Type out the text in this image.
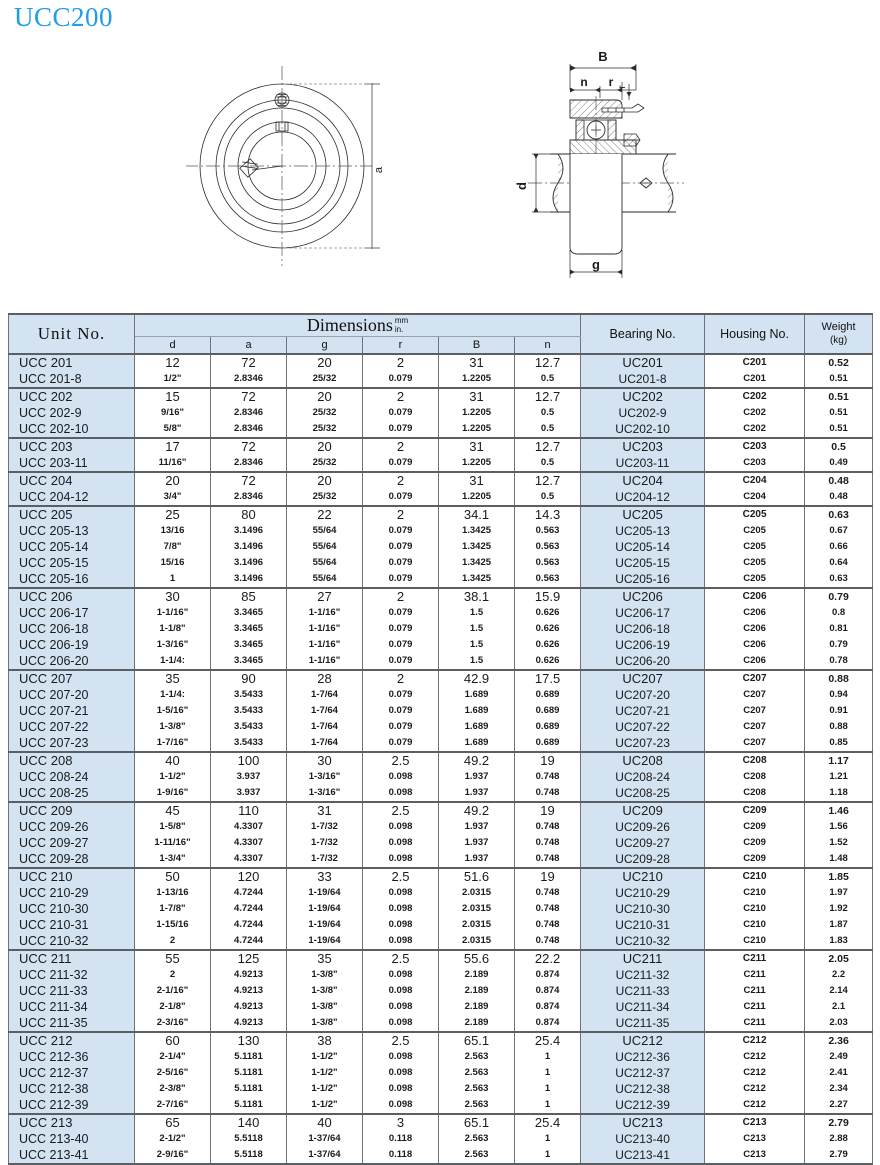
UCC200
a
B
n r r
d
g
Unit No.	Dimensions mm
in.						Bearing No.	Housing No.	Weight
(kg)

	d	a	g	r	B	n			
UCC 201	12	72	20	2	31	12.7	UC201	C201	0.52
UCC 201-8	1/2"	2.8346	25/32	0.079	1.2205	0.5	UC201-8	C201	0.51
UCC 202	15	72	20	2	31	12.7	UC202	C202	0.51
UCC 202-9	9/16"	2.8346	25/32	0.079	1.2205	0.5	UC202-9	C202	0.51
UCC 202-10	5/8"	2.8346	25/32	0.079	1.2205	0.5	UC202-10	C202	0.51
UCC 203	17	72	20	2	31	12.7	UC203	C203	0.5
UCC 203-11	11/16"	2.8346	25/32	0.079	1.2205	0.5	UC203-11	C203	0.49
UCC 204	20	72	20	2	31	12.7	UC204	C204	0.48
UCC 204-12	3/4"	2.8346	25/32	0.079	1.2205	0.5	UC204-12	C204	0.48
UCC 205	25	80	22	2	34.1	14.3	UC205	C205	0.63
UCC 205-13	13/16	3.1496	55/64	0.079	1.3425	0.563	UC205-13	C205	0.67
UCC 205-14	7/8"	3.1496	55/64	0.079	1.3425	0.563	UC205-14	C205	0.66
UCC 205-15	15/16	3.1496	55/64	0.079	1.3425	0.563	UC205-15	C205	0.64
UCC 205-16	1	3.1496	55/64	0.079	1.3425	0.563	UC205-16	C205	0.63
UCC 206	30	85	27	2	38.1	15.9	UC206	C206	0.79
UCC 206-17	1-1/16"	3.3465	1-1/16"	0.079	1.5	0.626	UC206-17	C206	0.8
UCC 206-18	1-1/8"	3.3465	1-1/16"	0.079	1.5	0.626	UC206-18	C206	0.81
UCC 206-19	1-3/16"	3.3465	1-1/16"	0.079	1.5	0.626	UC206-19	C206	0.79
UCC 206-20	1-1/4:	3.3465	1-1/16"	0.079	1.5	0.626	UC206-20	C206	0.78
UCC 207	35	90	28	2	42.9	17.5	UC207	C207	0.88
UCC 207-20	1-1/4:	3.5433	1-7/64	0.079	1.689	0.689	UC207-20	C207	0.94
UCC 207-21	1-5/16"	3.5433	1-7/64	0.079	1.689	0.689	UC207-21	C207	0.91
UCC 207-22	1-3/8"	3.5433	1-7/64	0.079	1.689	0.689	UC207-22	C207	0.88
UCC 207-23	1-7/16"	3.5433	1-7/64	0.079	1.689	0.689	UC207-23	C207	0.85
UCC 208	40	100	30	2.5	49.2	19	UC208	C208	1.17
UCC 208-24	1-1/2"	3.937	1-3/16"	0.098	1.937	0.748	UC208-24	C208	1.21
UCC 208-25	1-9/16"	3.937	1-3/16"	0.098	1.937	0.748	UC208-25	C208	1.18
UCC 209	45	110	31	2.5	49.2	19	UC209	C209	1.46
UCC 209-26	1-5/8"	4.3307	1-7/32	0.098	1.937	0.748	UC209-26	C209	1.56
UCC 209-27	1-11/16"	4.3307	1-7/32	0.098	1.937	0.748	UC209-27	C209	1.52
UCC 209-28	1-3/4"	4.3307	1-7/32	0.098	1.937	0.748	UC209-28	C209	1.48
UCC 210	50	120	33	2.5	51.6	19	UC210	C210	1.85
UCC 210-29	1-13/16	4.7244	1-19/64	0.098	2.0315	0.748	UC210-29	C210	1.97
UCC 210-30	1-7/8"	4.7244	1-19/64	0.098	2.0315	0.748	UC210-30	C210	1.92
UCC 210-31	1-15/16	4.7244	1-19/64	0.098	2.0315	0.748	UC210-31	C210	1.87
UCC 210-32	2	4.7244	1-19/64	0.098	2.0315	0.748	UC210-32	C210	1.83
UCC 211	55	125	35	2.5	55.6	22.2	UC211	C211	2.05
UCC 211-32	2	4.9213	1-3/8"	0.098	2.189	0.874	UC211-32	C211	2.2
UCC 211-33	2-1/16"	4.9213	1-3/8"	0.098	2.189	0.874	UC211-33	C211	2.14
UCC 211-34	2-1/8"	4.9213	1-3/8"	0.098	2.189	0.874	UC211-34	C211	2.1
UCC 211-35	2-3/16"	4.9213	1-3/8"	0.098	2.189	0.874	UC211-35	C211	2.03
UCC 212	60	130	38	2.5	65.1	25.4	UC212	C212	2.36
UCC 212-36	2-1/4"	5.1181	1-1/2"	0.098	2.563	1	UC212-36	C212	2.49
UCC 212-37	2-5/16"	5.1181	1-1/2"	0.098	2.563	1	UC212-37	C212	2.41
UCC 212-38	2-3/8"	5.1181	1-1/2"	0.098	2.563	1	UC212-38	C212	2.34
UCC 212-39	2-7/16"	5.1181	1-1/2"	0.098	2.563	1	UC212-39	C212	2.27
UCC 213	65	140	40	3	65.1	25.4	UC213	C213	2.79
UCC 213-40	2-1/2"	5.5118	1-37/64	0.118	2.563	1	UC213-40	C213	2.88
UCC 213-41	2-9/16"	5.5118	1-37/64	0.118	2.563	1	UC213-41	C213	2.79
